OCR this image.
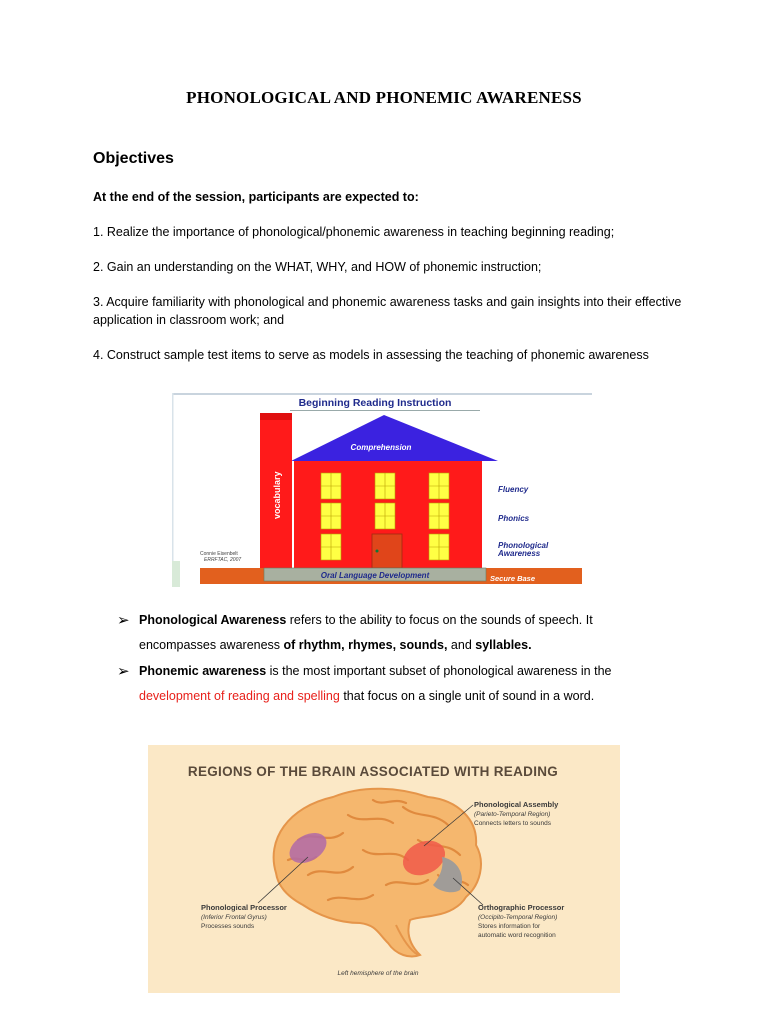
PHONOLOGICAL AND PHONEMIC AWARENESS
Objectives
At the end of the session, participants are expected to:
1. Realize the importance of phonological/phonemic awareness in teaching beginning reading;
2. Gain an understanding on the WHAT, WHY, and HOW of phonemic instruction;
3. Acquire familiarity with phonological and phonemic awareness tasks and gain insights into their effective application in classroom work; and
4. Construct sample test items to serve as models in assessing the teaching of phonemic awareness
Beginning Reading Instruction
Comprehension
vocabulary	Fluency
Phonics
Phonological
Awareness
Connie Eisenbelt
ERRFTAC, 2007
Oral Language Development	Secure Base
➢ Phonological Awareness refers to the ability to focus on the sounds of speech. It
encompasses awareness of rhythm, rhymes, sounds, and syllables.
➢ Phonemic awareness is the most important subset of phonological awareness in the
development of reading and spelling that focus on a single unit of sound in a word.
REGIONS OF THE BRAIN ASSOCIATED WITH READING
Phonological Assembly
(Parieto-Temporal Region)
Connects letters to sounds
Phonological Processor
(Inferior Frontal Gyrus)
Processes sounds
Orthographic Processor
(Occipito-Temporal Region)
Stores information for
automatic word recognition
Left hemisphere of the brain
